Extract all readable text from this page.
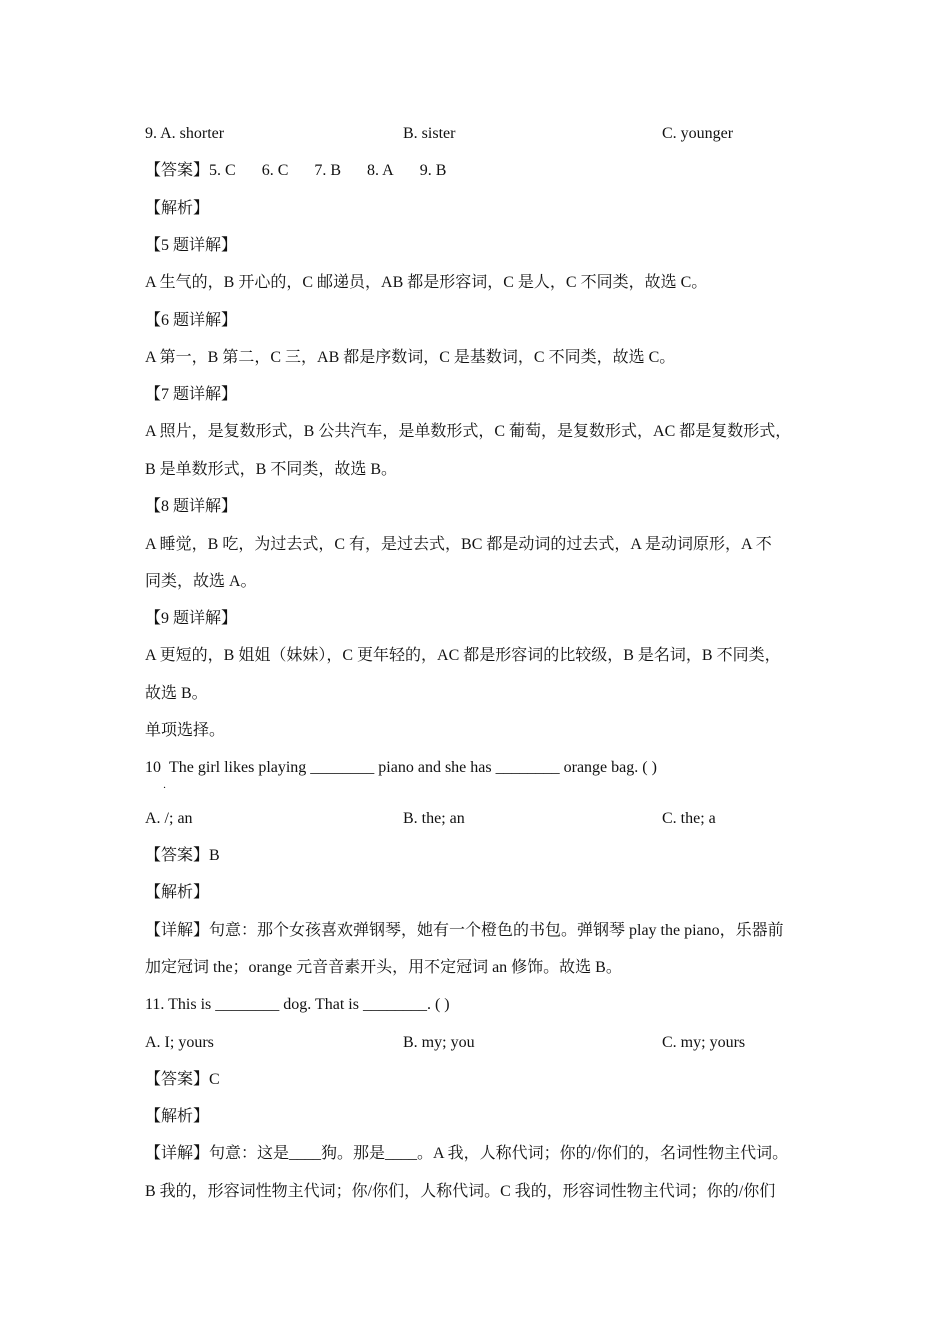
9. A. shorter	B. sister	C. younger
【答案】5. C 6. C 7. B 8. A 9. B
【解析】
【5 题详解】
A 生气的，B 开心的，C 邮递员，AB 都是形容词，C 是人，C 不同类，故选 C。
【6 题详解】
A 第一，B 第二，C 三，AB 都是序数词，C 是基数词，C 不同类，故选 C。
【7 题详解】
A 照片，是复数形式，B 公共汽车，是单数形式，C 葡萄，是复数形式，AC 都是复数形式，
B 是单数形式，B 不同类，故选 B。
【8 题详解】
A 睡觉，B 吃，为过去式，C 有，是过去式，BC 都是动词的过去式，A 是动词原形，A 不
同类，故选 A。
【9 题详解】
A 更短的，B 姐姐（妹妹），C 更年轻的，AC 都是形容词的比较级，B 是名词，B 不同类，
故选 B。
单项选择。
10 The girl likes playing ________ piano and she has ________ orange bag. ( )
．
A. /; an	B. the; an	C. the; a
【答案】B
【解析】
【详解】句意：那个女孩喜欢弹钢琴，她有一个橙色的书包。弹钢琴 play the piano，乐器前
加定冠词 the；orange 元音音素开头，用不定冠词 an 修饰。故选 B。
11. This is ________ dog. That is ________. ( )
A. I; yours	B. my; you	C. my; yours
【答案】C
【解析】
【详解】句意：这是____狗。那是____。A 我，人称代词；你的/你们的，名词性物主代词。
B 我的，形容词性物主代词；你/你们，人称代词。C 我的，形容词性物主代词；你的/你们
